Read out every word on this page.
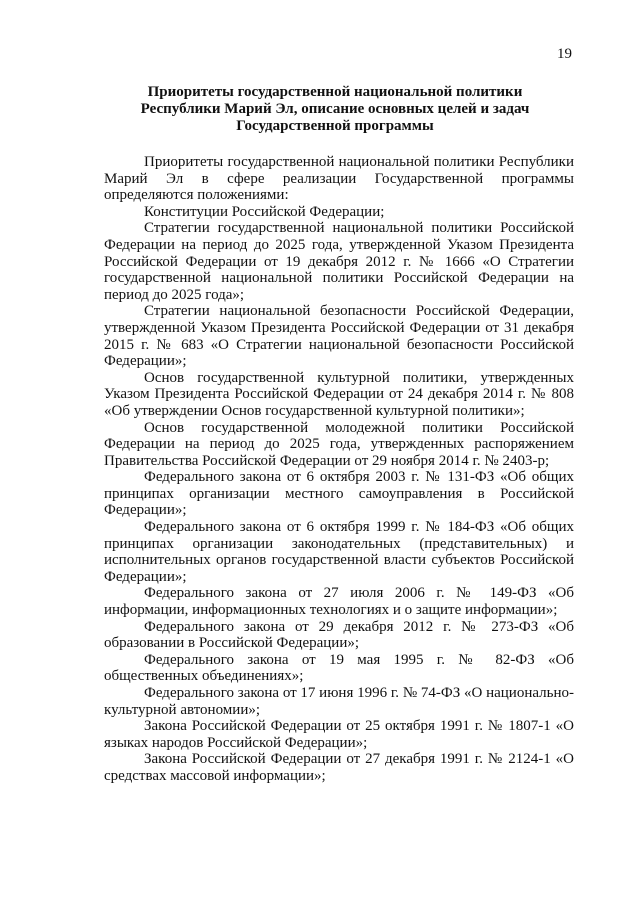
19
Приоритеты государственной национальной политики
Республики Марий Эл, описание основных целей и задач
Государственной программы

Приоритеты государственной национальной политики Республики Марий Эл в сфере реализации Государственной программы определяются положениями:

Конституции Российской Федерации;

Стратегии государственной национальной политики Российской Федерации на период до 2025 года, утвержденной Указом Президента Российской Федерации от 19 декабря 2012 г. № 1666 «О Стратегии государственной национальной политики Российской Федерации на период до 2025 года»;

Стратегии национальной безопасности Российской Федерации, утвержденной Указом Президента Российской Федерации от 31 декабря 2015 г. № 683 «О Стратегии национальной безопасности Российской Федерации»;

Основ государственной культурной политики, утвержденных Указом Президента Российской Федерации от 24 декабря 2014 г. № 808 «Об утверждении Основ государственной культурной политики»;

Основ государственной молодежной политики Российской Федерации на период до 2025 года, утвержденных распоряжением Правительства Российской Федерации от 29 ноября 2014 г. № 2403-р;

Федерального закона от 6 октября 2003 г. № 131-ФЗ «Об общих принципах организации местного самоуправления в Российской Федерации»;

Федерального закона от 6 октября 1999 г. № 184-ФЗ «Об общих принципах организации законодательных (представительных) и исполнительных органов государственной власти субъектов Российской Федерации»;

Федерального закона от 27 июля 2006 г. № 149-ФЗ «Об информации, информационных технологиях и о защите информации»;

Федерального закона от 29 декабря 2012 г. № 273-ФЗ «Об образовании в Российской Федерации»;

Федерального закона от 19 мая 1995 г. № 82-ФЗ «Об общественных объединениях»;

Федерального закона от 17 июня 1996 г. № 74-ФЗ «О национально-культурной автономии»;

Закона Российской Федерации от 25 октября 1991 г. № 1807-1 «О языках народов Российской Федерации»;

Закона Российской Федерации от 27 декабря 1991 г. № 2124-1 «О средствах массовой информации»;
